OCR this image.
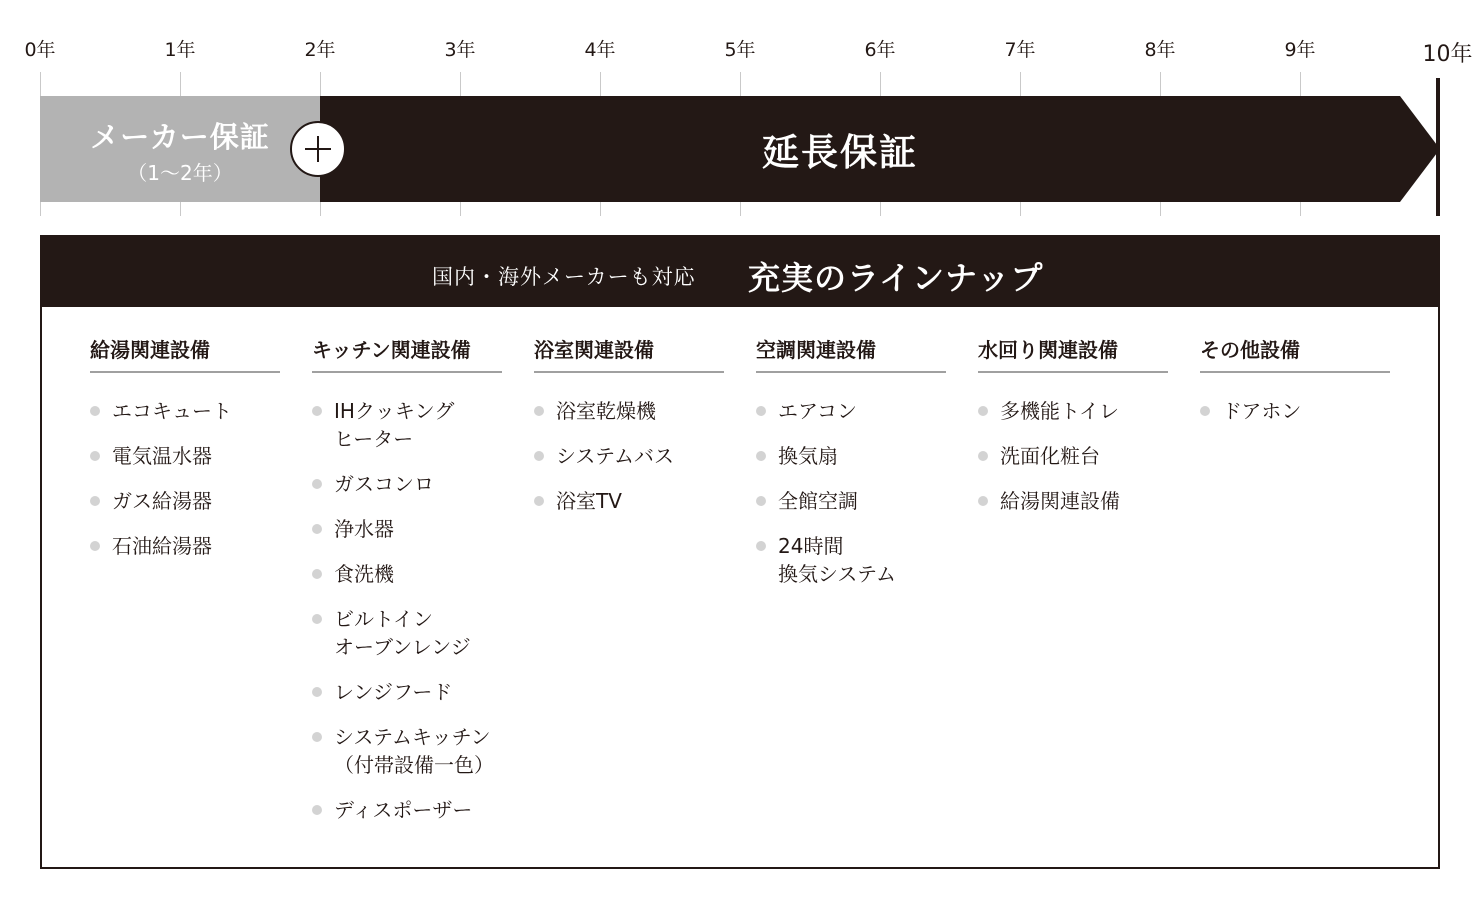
0年	1年	2年	3年	4年	5年	6年	7年	8年	9年	10年
メーカー保証
（1〜2年）	延長保証
国内・海外メーカーも対応 充実のラインナップ
給湯関連設備
エコキュート
電気温水器
ガス給湯器
石油給湯器
キッチン関連設備
IHクッキング
ヒーター
ガスコンロ
浄水器
食洗機
ビルトイン
オーブンレンジ
レンジフード
システムキッチン
（付帯設備一色）
ディスポーザー
浴室関連設備
浴室乾燥機
システムバス
浴室TV
空調関連設備
エアコン
換気扇
全館空調
24時間
換気システム
水回り関連設備
多機能トイレ
洗面化粧台
給湯関連設備
その他設備
ドアホン
